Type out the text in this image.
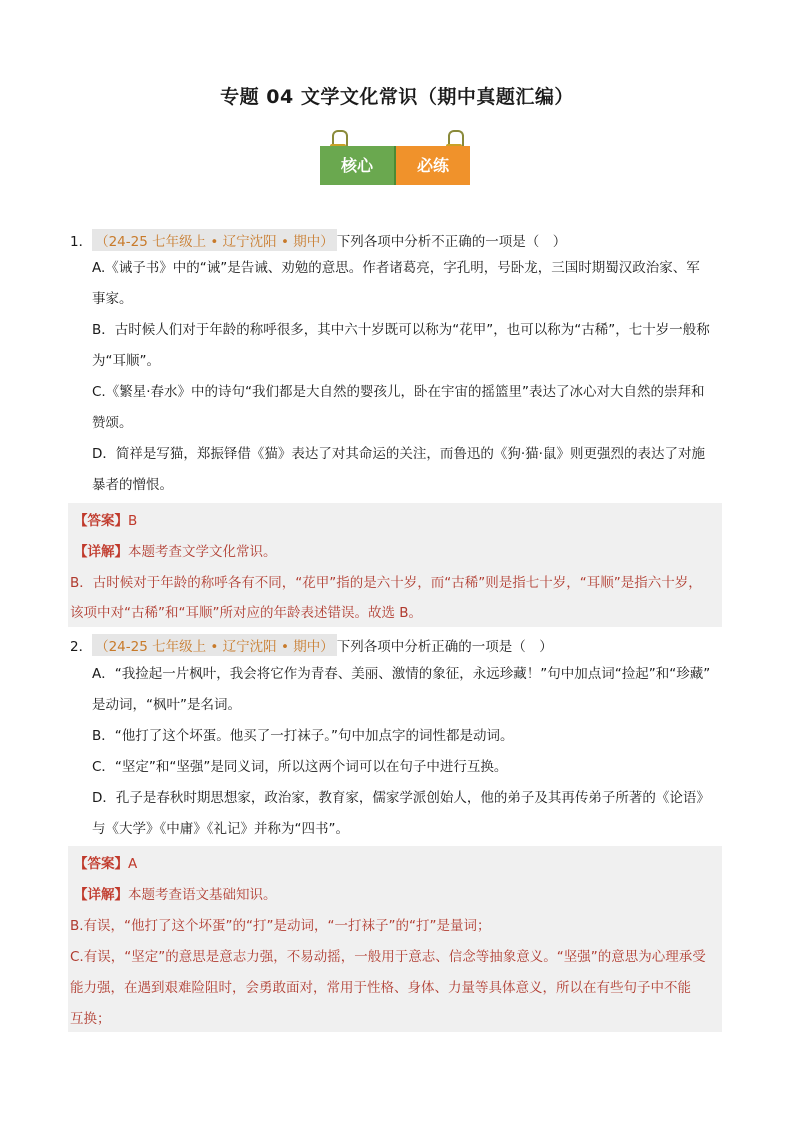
专题 04 文学文化常识（期中真题汇编）
核心	必练
1． （24-25 七年级上 • 辽宁沈阳 • 期中） 下列各项中分析不正确的一项是（　）
A.《诫子书》中的“诫”是告诫、劝勉的意思。作者诸葛亮，字孔明，号卧龙，三国时期蜀汉政治家、军
事家。
B．古时候人们对于年龄的称呼很多，其中六十岁既可以称为“花甲”，也可以称为“古稀”，七十岁一般称
为“耳顺”。
C.《繁星·春水》中的诗句“我们都是大自然的婴孩儿，卧在宇宙的摇篮里”表达了冰心对大自然的崇拜和
赞颂。
D．简祥是写猫，郑振铎借《猫》表达了对其命运的关注，而鲁迅的《狗·猫·鼠》则更强烈的表达了对施
暴者的憎恨。
【答案】B
【详解】本题考查文学文化常识。
B．古时候对于年龄的称呼各有不同，“花甲”指的是六十岁，而“古稀”则是指七十岁，“耳顺”是指六十岁，
该项中对“古稀”和“耳顺”所对应的年龄表述错误。故选 B。
2． （24-25 七年级上 • 辽宁沈阳 • 期中） 下列各项中分析正确的一项是（　）
A．“我捡起一片枫叶，我会将它作为青春、美丽、激情的象征，永远珍藏！”句中加点词“捡起”和“珍藏”
是动词，“枫叶”是名词。
B．“他打了这个坏蛋。他买了一打袜子。”句中加点字的词性都是动词。
C．“坚定”和“坚强”是同义词，所以这两个词可以在句子中进行互换。
D．孔子是春秋时期思想家，政治家，教育家，儒家学派创始人，他的弟子及其再传弟子所著的《论语》
与《大学》《中庸》《礼记》并称为“四书”。
【答案】A
【详解】本题考查语文基础知识。
B.有误，“他打了这个坏蛋”的“打”是动词，“一打袜子”的“打”是量词；
C.有误，“坚定”的意思是意志力强，不易动摇，一般用于意志、信念等抽象意义。“坚强”的意思为心理承受
能力强，在遇到艰难险阻时，会勇敢面对，常用于性格、身体、力量等具体意义，所以在有些句子中不能
互换；
